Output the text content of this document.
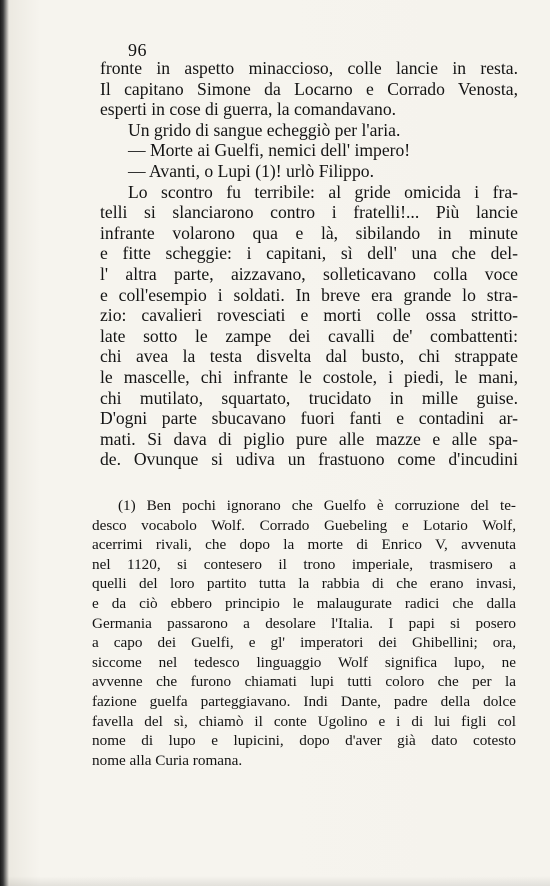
96
fronte in aspetto minaccioso, colle lancie in resta.
Il capitano Simone da Locarno e Corrado Venosta,
esperti in cose di guerra, la comandavano.
Un grido di sangue echeggiò per l'aria.
— Morte ai Guelfi, nemici dell' impero!
— Avanti, o Lupi (1)! urlò Filippo.
Lo scontro fu terribile: al gride omicida i fra-
telli si slanciarono contro i fratelli!... Più lancie
infrante volarono qua e là, sibilando in minute
e fitte scheggie: i capitani, sì dell' una che del-
l' altra parte, aizzavano, solleticavano colla voce
e coll'esempio i soldati. In breve era grande lo stra-
zio: cavalieri rovesciati e morti colle ossa stritto-
late sotto le zampe dei cavalli de' combattenti:
chi avea la testa disvelta dal busto, chi strappate
le mascelle, chi infrante le costole, i piedi, le mani,
chi mutilato, squartato, trucidato in mille guise.
D'ogni parte sbucavano fuori fanti e contadini ar-
mati. Si dava di piglio pure alle mazze e alle spa-
de. Ovunque si udiva un frastuono come d'incudini
(1) Ben pochi ignorano che Guelfo è corruzione del te-
desco vocabolo Wolf. Corrado Guebeling e Lotario Wolf,
acerrimi rivali, che dopo la morte di Enrico V, avvenuta
nel 1120, si contesero il trono imperiale, trasmisero a
quelli del loro partito tutta la rabbia di che erano invasi,
e da ciò ebbero principio le malaugurate radici che dalla
Germania passarono a desolare l'Italia. I papi si posero
a capo dei Guelfi, e gl' imperatori dei Ghibellini; ora,
siccome nel tedesco linguaggio Wolf significa lupo, ne
avvenne che furono chiamati lupi tutti coloro che per la
fazione guelfa parteggiavano. Indi Dante, padre della dolce
favella del sì, chiamò il conte Ugolino e i di lui figli col
nome di lupo e lupicini, dopo d'aver già dato cotesto
nome alla Curia romana.
